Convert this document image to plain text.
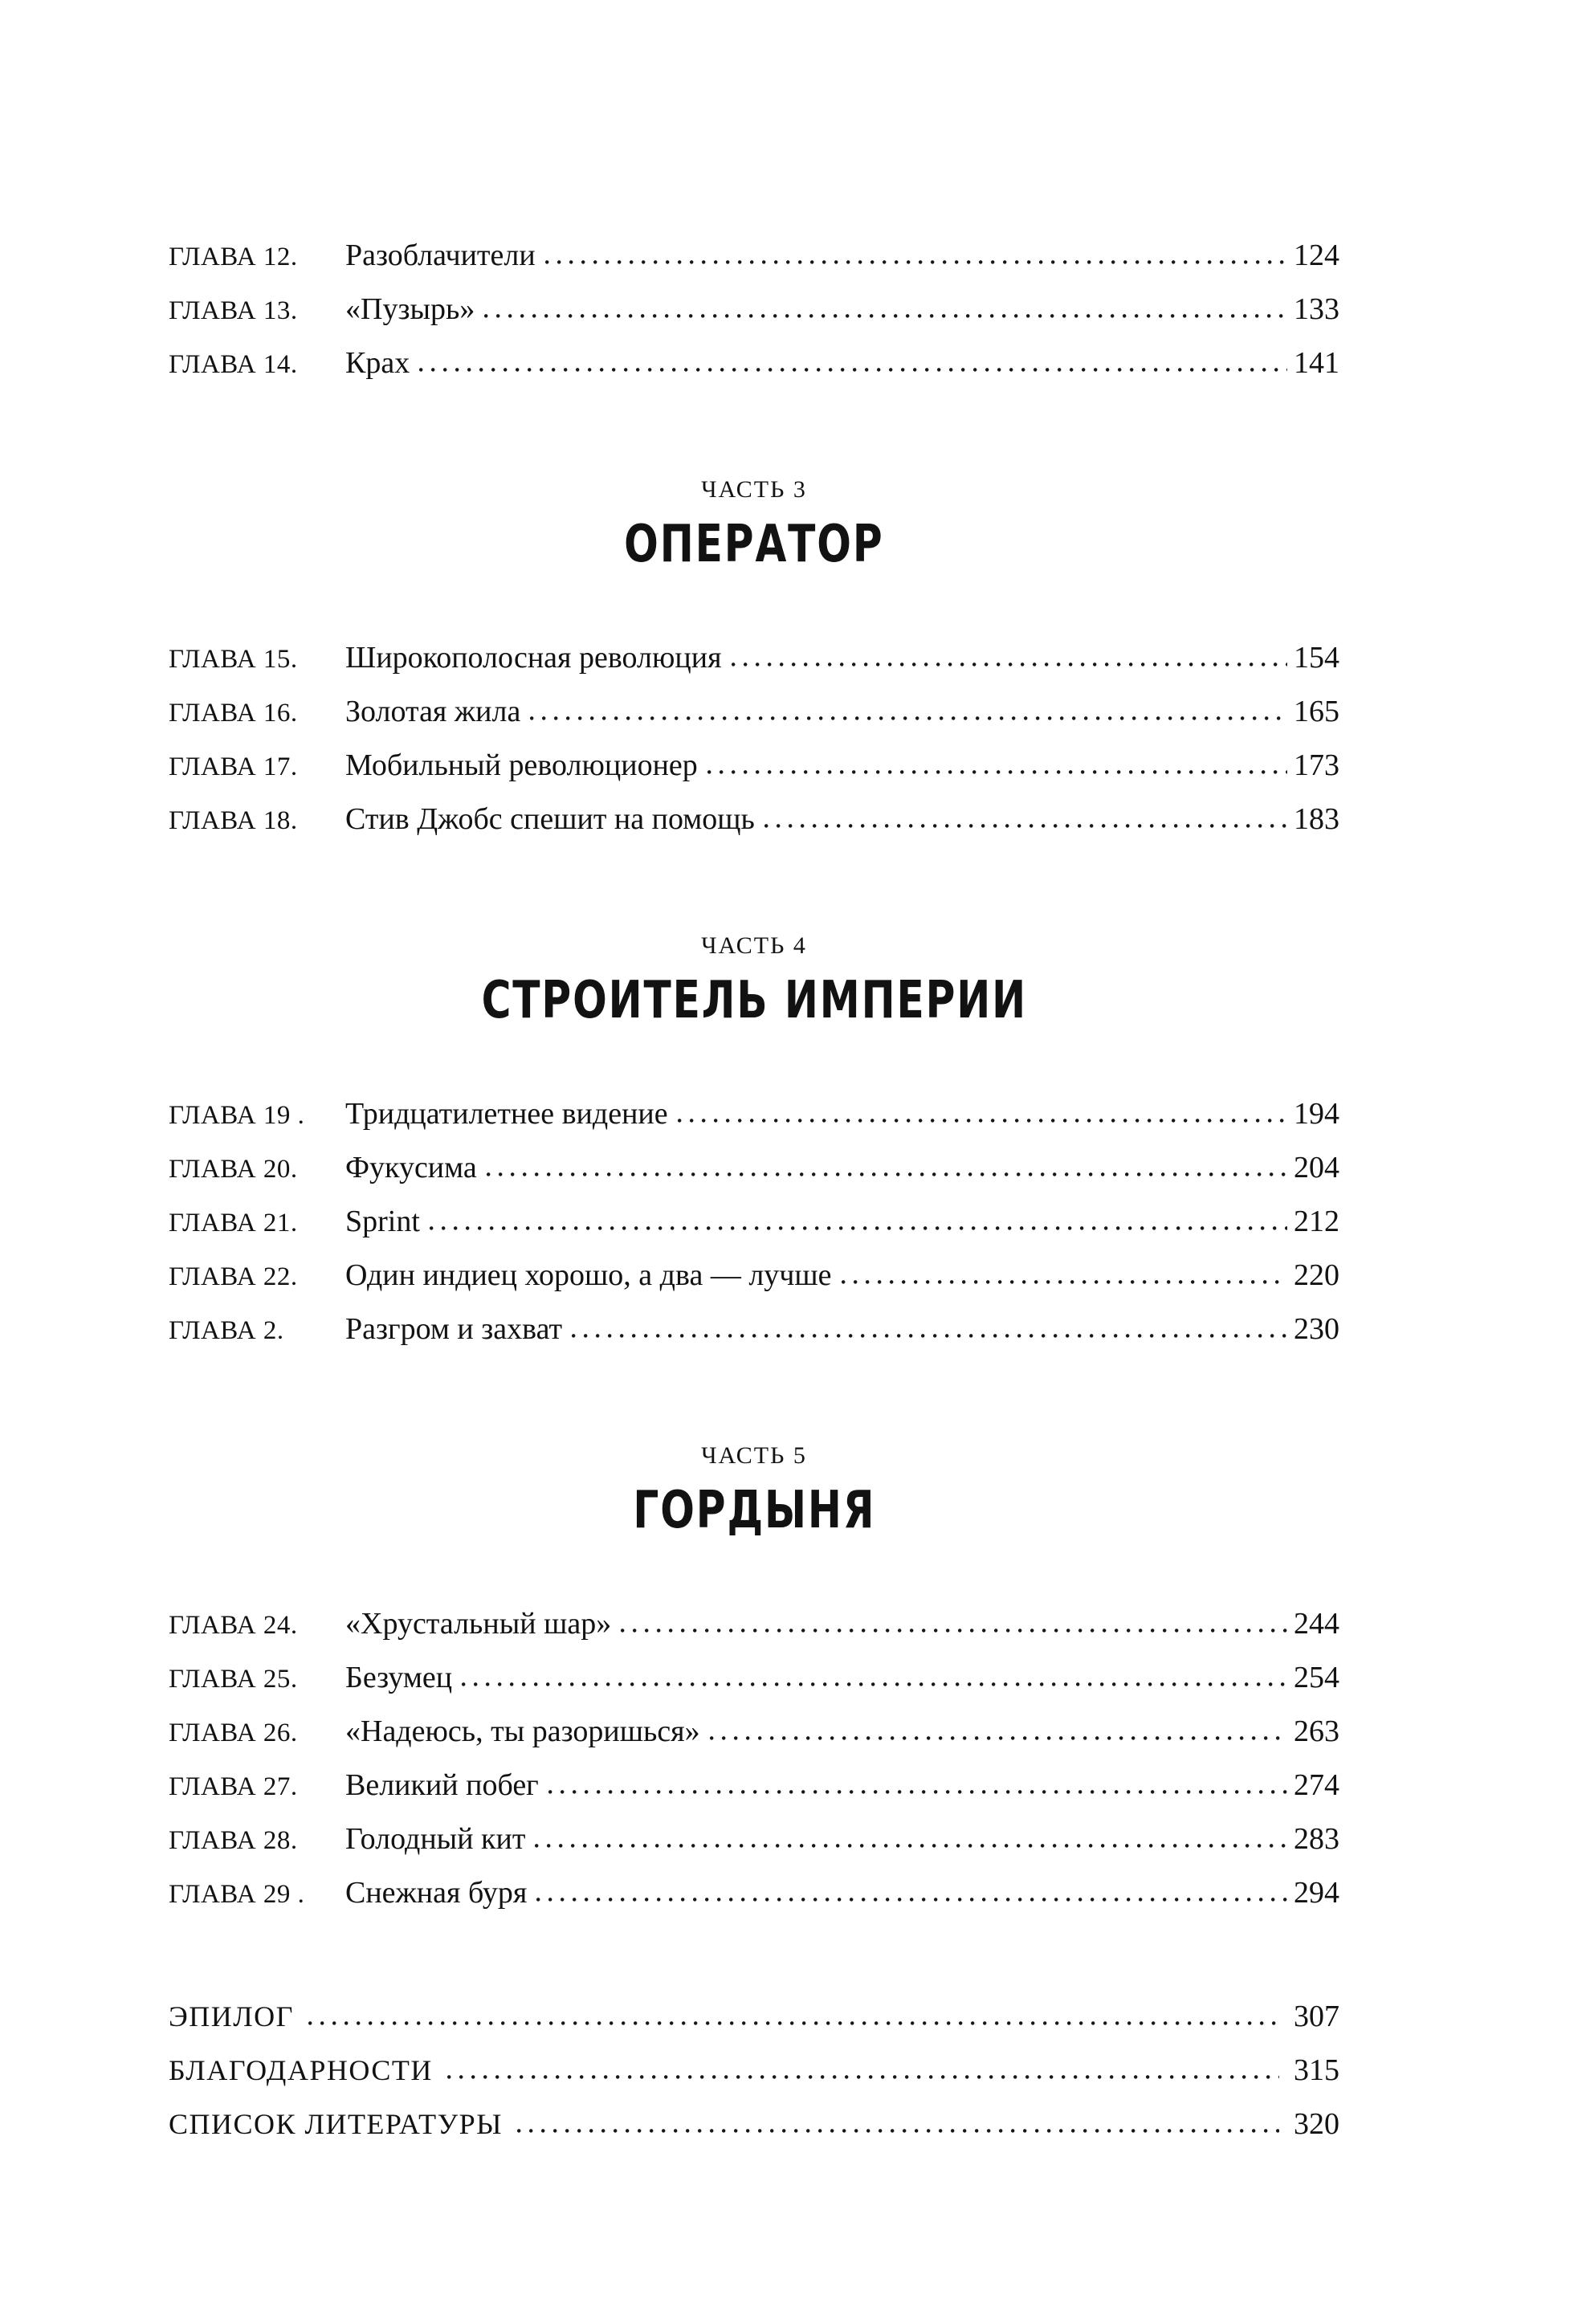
ГЛАВА 12.	Разоблачители	124
ГЛАВА 13.	«Пузырь»	133
ГЛАВА 14.	Крах	141
ЧАСТЬ 3
ОПЕРАТОР
ГЛАВА 15.	Широкополосная революция	154
ГЛАВА 16.	Золотая жила	165
ГЛАВА 17.	Мобильный революционер	173
ГЛАВА 18.	Стив Джобс спешит на помощь	183
ЧАСТЬ 4
СТРОИТЕЛЬ ИМПЕРИИ
ГЛАВА 19 .	Тридцатилетнее видение	194
ГЛАВА 20.	Фукусима	204
ГЛАВА 21.	Sprint	212
ГЛАВА 22.	Один индиец хорошо, а два — лучше	220
ГЛАВА 2.	Разгром и захват	230
ЧАСТЬ 5
ГОРДЫНЯ
ГЛАВА 24.	«Хрустальный шар»	244
ГЛАВА 25.	Безумец	254
ГЛАВА 26.	«Надеюсь, ты разоришься»	263
ГЛАВА 27.	Великий побег	274
ГЛАВА 28.	Голодный кит	283
ГЛАВА 29 .	Снежная буря	294
ЭПИЛОГ	307
БЛАГОДАРНОСТИ	315
СПИСОК ЛИТЕРАТУРЫ	320
